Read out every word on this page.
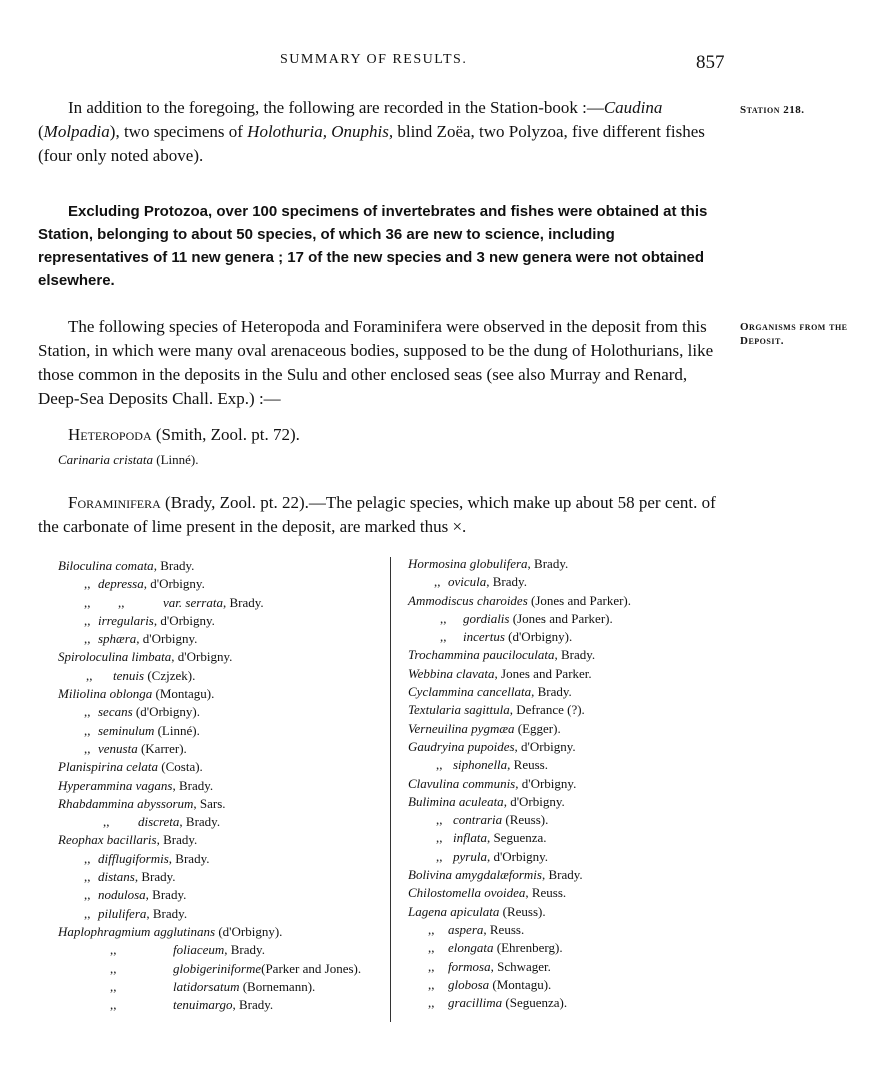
SUMMARY OF RESULTS.	857
Station 218.
Organisms from the Deposit.
In addition to the foregoing, the following are recorded in the Station-book :—Caudina (Molpadia), two specimens of Holothuria, Onuphis, blind Zoëa, two Polyzoa, five different fishes (four only noted above).
Excluding Protozoa, over 100 specimens of invertebrates and fishes were obtained at this Station, belonging to about 50 species, of which 36 are new to science, including representatives of 11 new genera ; 17 of the new species and 3 new genera were not obtained elsewhere.
The following species of Heteropoda and Foraminifera were observed in the deposit from this Station, in which were many oval arenaceous bodies, supposed to be the dung of Holothurians, like those common in the deposits in the Sulu and other enclosed seas (see also Murray and Renard, Deep-Sea Deposits Chall. Exp.) :—
Heteropoda (Smith, Zool. pt. 72).
Carinaria cristata (Linné).
Foraminifera (Brady, Zool. pt. 22).—The pelagic species, which make up about 58 per cent. of the carbonate of lime present in the deposit, are marked thus ×.
Biloculina comata, Brady.
,, depressa, d'Orbigny.
,, ,,	var. serrata, Brady.
,, irregularis, d'Orbigny.
,, sphæra, d'Orbigny.
Spiroloculina limbata, d'Orbigny.
,, tenuis (Czjzek).
Miliolina oblonga (Montagu).
,, secans (d'Orbigny).
,, seminulum (Linné).
,, venusta (Karrer).
Planispirina celata (Costa).
Hyperammina vagans, Brady.
Rhabdammina abyssorum, Sars.
,, discreta, Brady.
Reophax bacillaris, Brady.
,, difflugiformis, Brady.
,, distans, Brady.
,, nodulosa, Brady.
,, pilulifera, Brady.
Haplophragmium agglutinans (d'Orbigny).
,,	foliaceum, Brady.
,,	globigeriniforme(Parker and Jones).
,,	latidorsatum (Bornemann).
,,	tenuimargo, Brady.
Hormosina globulifera, Brady.
,, ovicula, Brady.
Ammodiscus charoides (Jones and Parker).
,, gordialis (Jones and Parker).
,, incertus (d'Orbigny).
Trochammina pauciloculata, Brady.
Webbina clavata, Jones and Parker.
Cyclammina cancellata, Brady.
Textularia sagittula, Defrance (?).
Verneuilina pygmæa (Egger).
Gaudryina pupoides, d'Orbigny.
,, siphonella, Reuss.
Clavulina communis, d'Orbigny.
Bulimina aculeata, d'Orbigny.
,, contraria (Reuss).
,, inflata, Seguenza.
,, pyrula, d'Orbigny.
Bolivina amygdalæformis, Brady.
Chilostomella ovoidea, Reuss.
Lagena apiculata (Reuss).
,, aspera, Reuss.
,, elongata (Ehrenberg).
,, formosa, Schwager.
,, globosa (Montagu).
,, gracillima (Seguenza).
